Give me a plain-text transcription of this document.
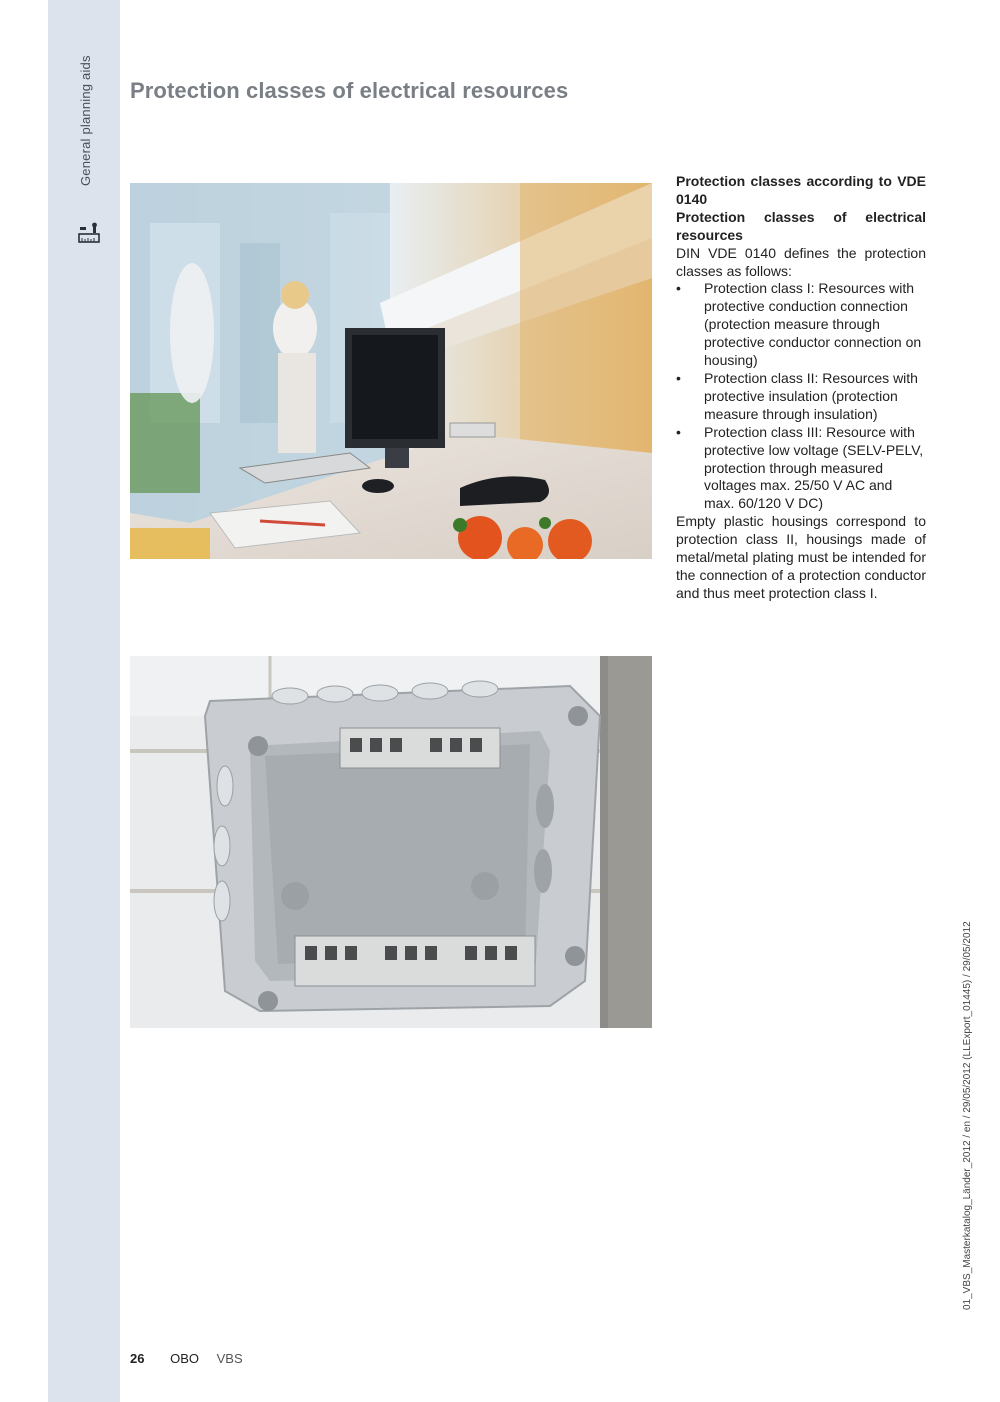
General planning aids Protection classes of electrical resources

Protection classes according to VDE 0140

Protection classes of electrical resources

DIN VDE 0140 defines the protection classes as follows:

• Protection class I: Resources with protective conduction connection (protection measure through protective conductor connection on housing)
• Protection class II: Resources with protective insulation (protection measure through insulation)
• Protection class III: Resource with protective low voltage (SELV-PELV, protection through measured voltages max. 25/50 V AC and max. 60/120 V DC)

Empty plastic housings correspond to protection class II, housings made of metal/metal plating must be intended for the connection of a protection conductor and thus meet protection class I.

26 OBO VBS
01_VBS_Masterkatalog_Länder_2012 / en / 29/05/2012 (LLExport_01445) / 29/05/2012
